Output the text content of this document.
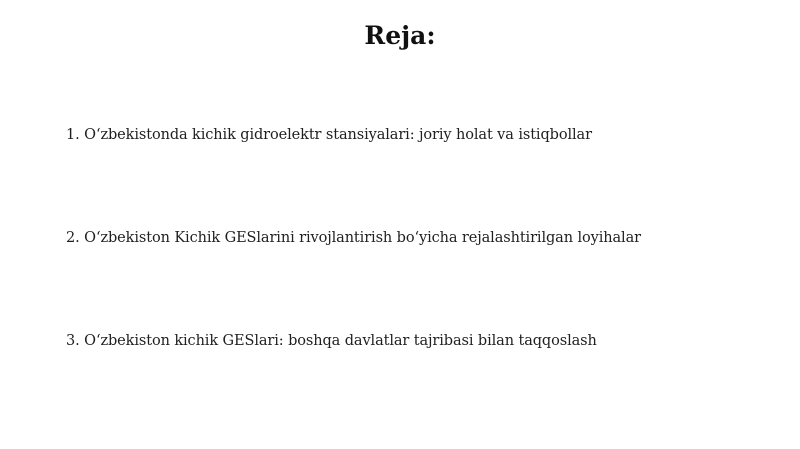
Reja:
1. O‘zbekistonda kichik gidroelektr stansiyalari: joriy holat va istiqbollar
2. O‘zbekiston Kichik GESlarini rivojlantirish bo‘yicha rejalashtirilgan loyihalar
3. O‘zbekiston kichik GESlari: boshqa davlatlar tajribasi bilan taqqoslash
